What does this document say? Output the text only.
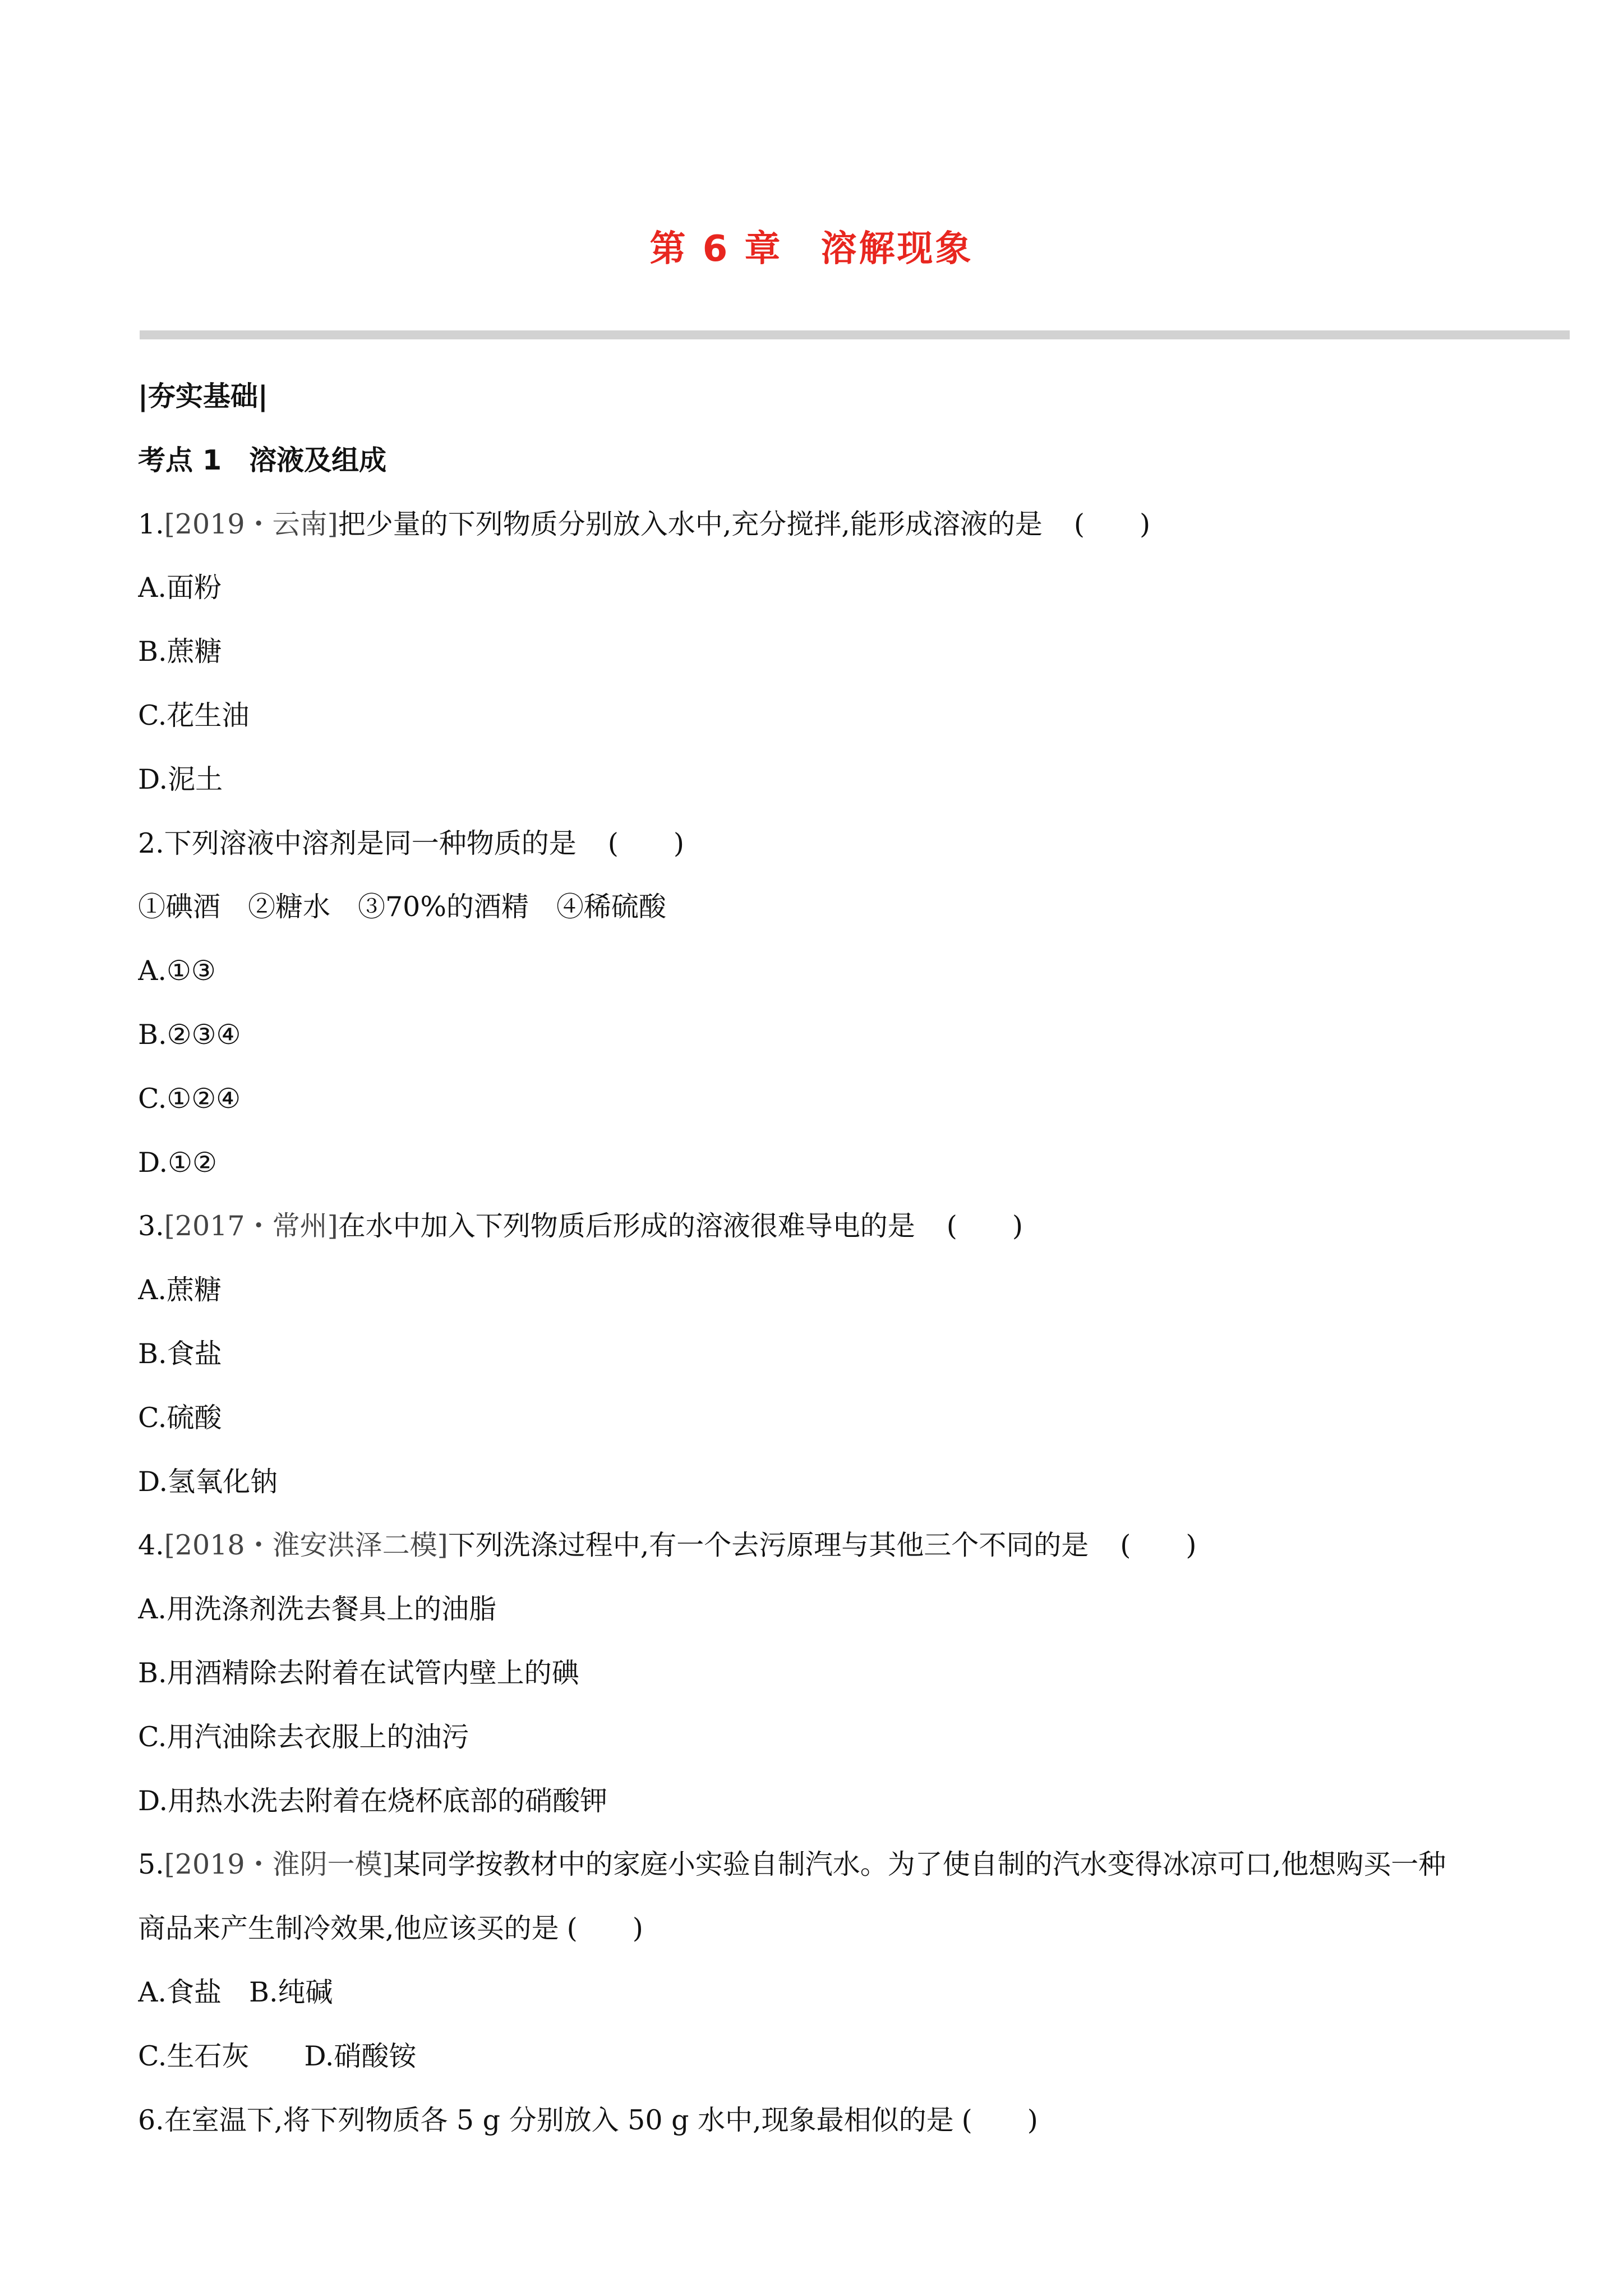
第 6 章　溶解现象
|夯实基础|
考点 1　溶液及组成
1.[2019・云南]把少量的下列物质分别放入水中,充分搅拌,能形成溶液的是 (　　)
A.面粉
B.蔗糖
C.花生油
D.泥土
2.下列溶液中溶剂是同一种物质的是 (　　)
①碘酒　②糖水　③70%的酒精　④稀硫酸
A.①③
B.②③④
C.①②④
D.①②
3.[2017・常州]在水中加入下列物质后形成的溶液很难导电的是 (　　)
A.蔗糖
B.食盐
C.硫酸
D.氢氧化钠
4.[2018・淮安洪泽二模]下列洗涤过程中,有一个去污原理与其他三个不同的是 (　　)
A.用洗涤剂洗去餐具上的油脂
B.用酒精除去附着在试管内壁上的碘
C.用汽油除去衣服上的油污
D.用热水洗去附着在烧杯底部的硝酸钾
5.[2019・淮阴一模]某同学按教材中的家庭小实验自制汽水。为了使自制的汽水变得冰凉可口,他想购买一种
商品来产生制冷效果,他应该买的是 (　　)
A.食盐　B.纯碱
C.生石灰　　D.硝酸铵
6.在室温下,将下列物质各 5 g 分别放入 50 g 水中,现象最相似的是 (　　)
